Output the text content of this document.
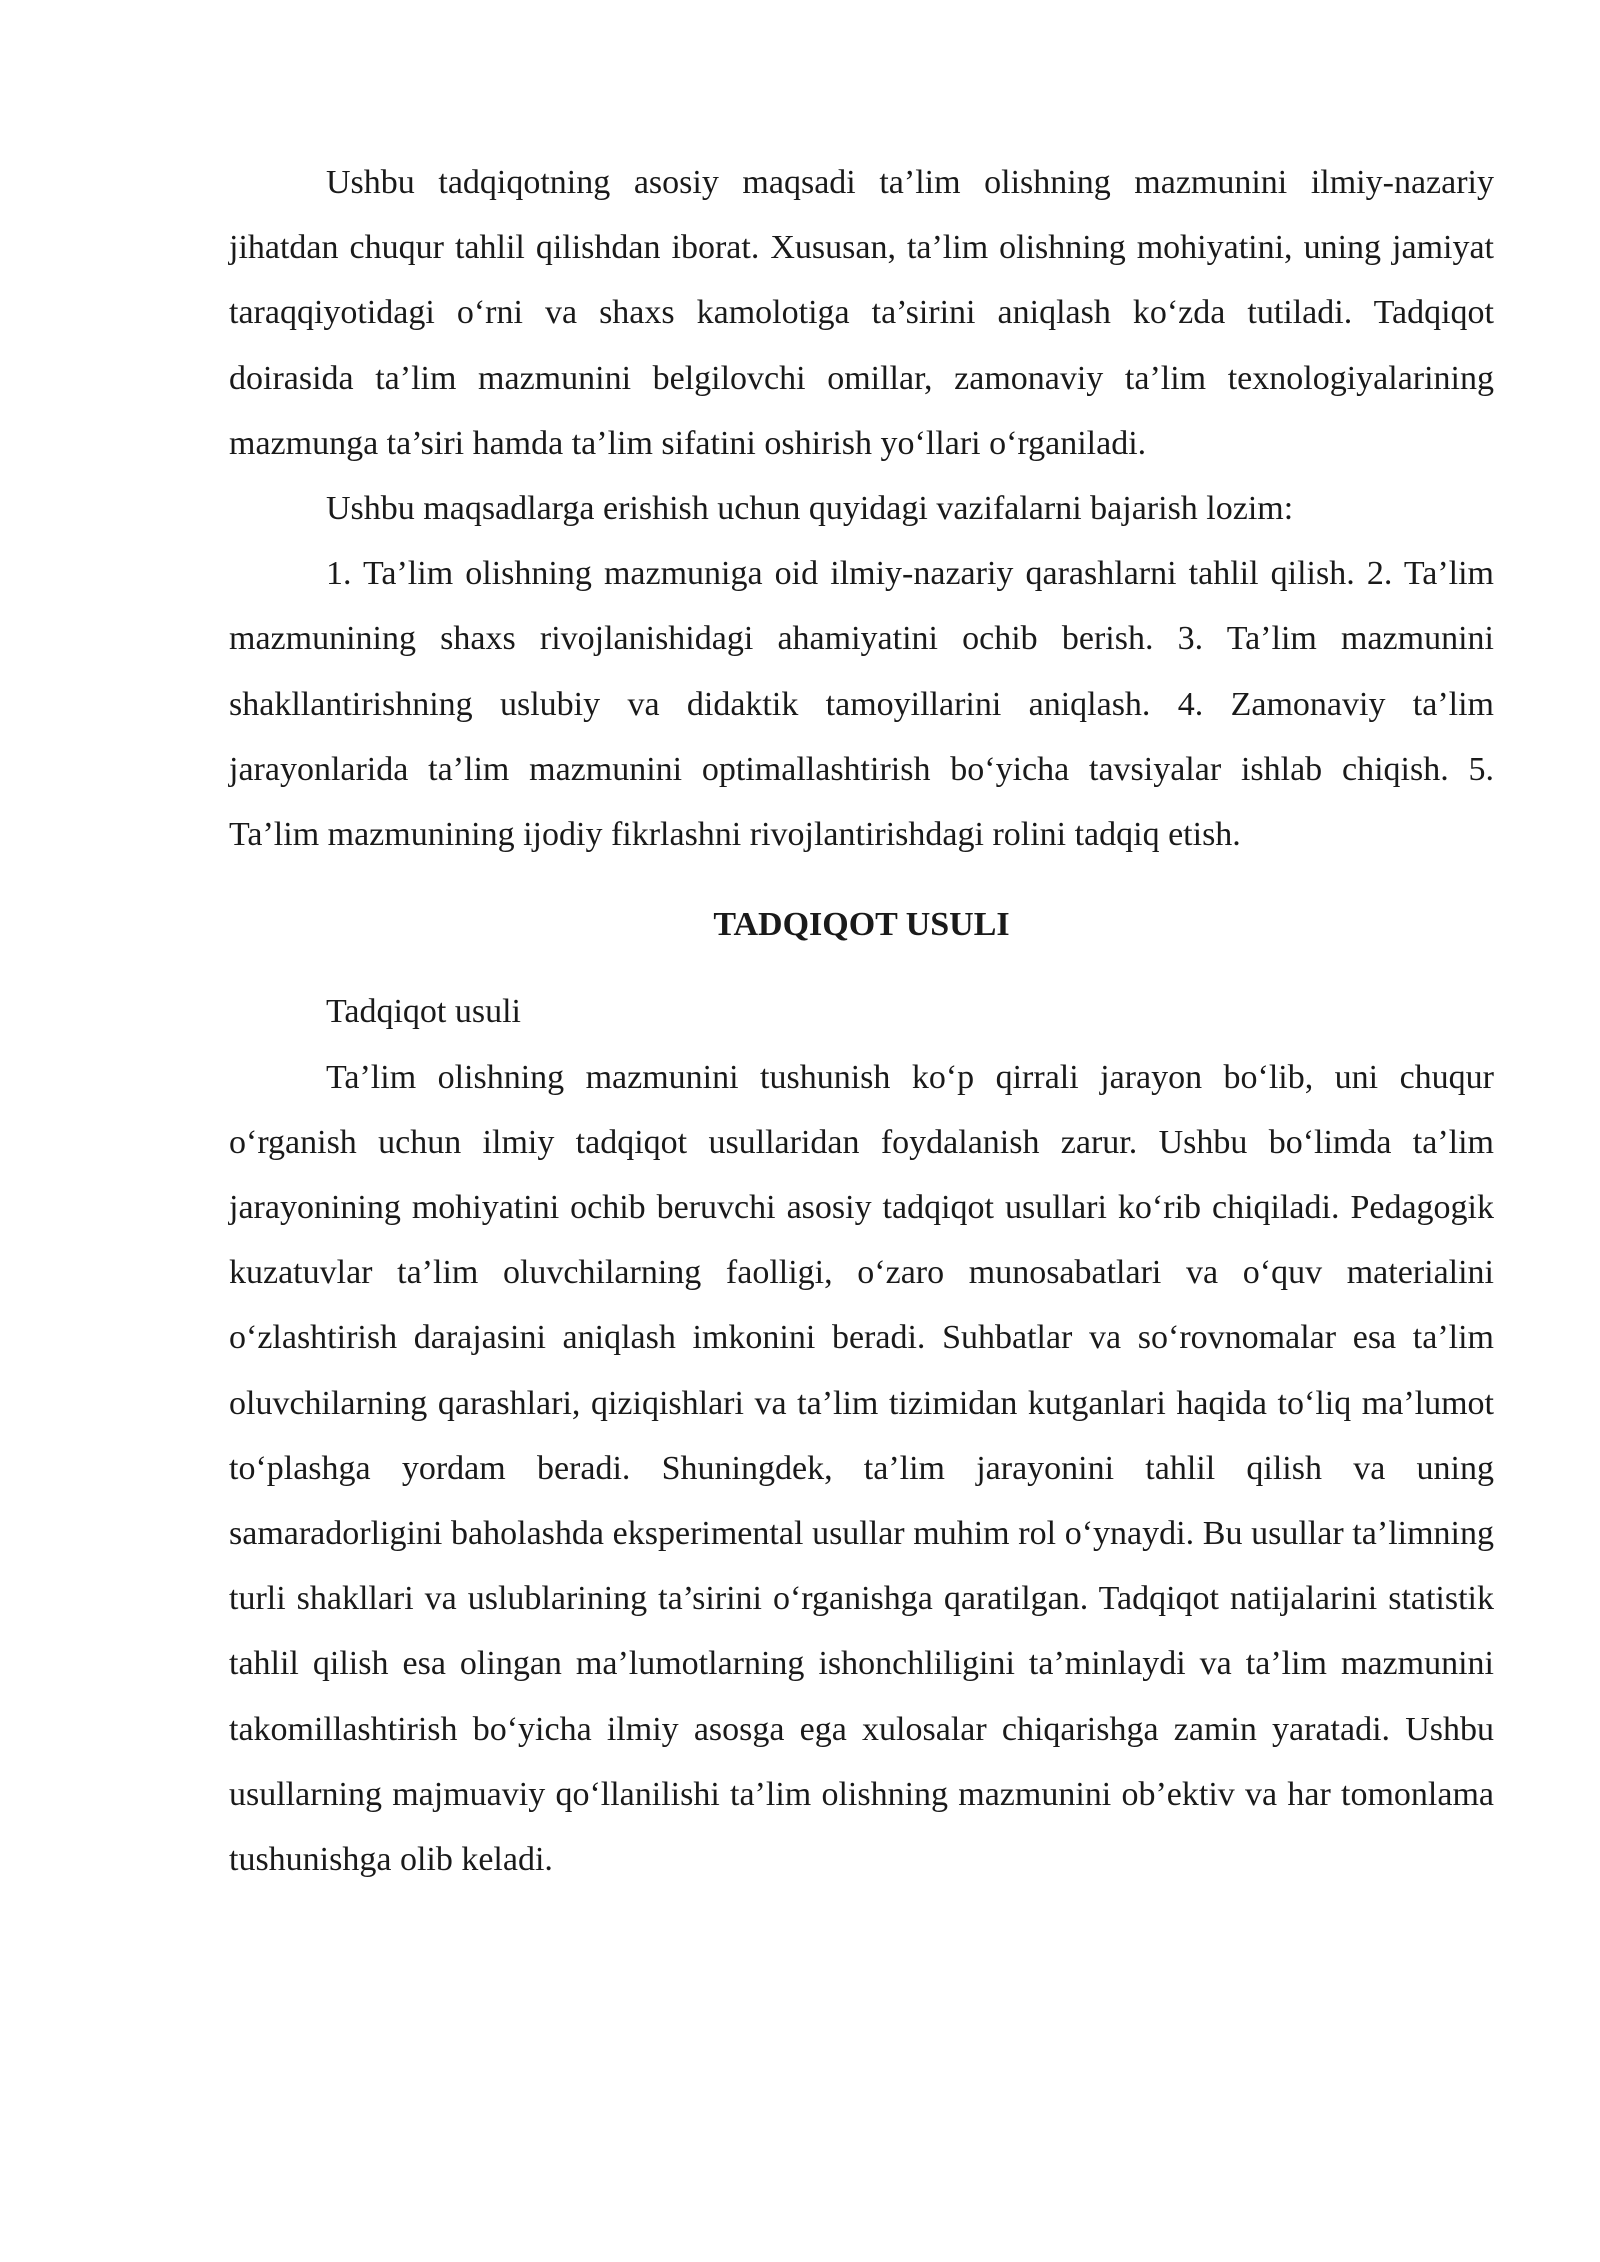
Ushbu tadqiqotning asosiy maqsadi ta’lim olishning mazmunini ilmiy-nazariy jihatdan chuqur tahlil qilishdan iborat. Xususan, ta’lim olishning mohiyatini, uning jamiyat taraqqiyotidagi o‘rni va shaxs kamolotiga ta’sirini aniqlash ko‘zda tutiladi. Tadqiqot doirasida ta’lim mazmunini belgilovchi omillar, zamonaviy ta’lim texnologiyalarining mazmunga ta’siri hamda ta’lim sifatini oshirish yo‘llari o‘rganiladi.

Ushbu maqsadlarga erishish uchun quyidagi vazifalarni bajarish lozim:

1. Ta’lim olishning mazmuniga oid ilmiy-nazariy qarashlarni tahlil qilish. 2. Ta’lim mazmunining shaxs rivojlanishidagi ahamiyatini ochib berish. 3. Ta’lim mazmunini shakllantirishning uslubiy va didaktik tamoyillarini aniqlash. 4. Zamonaviy ta’lim jarayonlarida ta’lim mazmunini optimallashtirish bo‘yicha tavsiyalar ishlab chiqish. 5. Ta’lim mazmunining ijodiy fikrlashni rivojlantirishdagi rolini tadqiq etish.

TADQIQOT USULI

Tadqiqot usuli

Ta’lim olishning mazmunini tushunish ko‘p qirrali jarayon bo‘lib, uni chuqur o‘rganish uchun ilmiy tadqiqot usullaridan foydalanish zarur. Ushbu bo‘limda ta’lim jarayonining mohiyatini ochib beruvchi asosiy tadqiqot usullari ko‘rib chiqiladi. Pedagogik kuzatuvlar ta’lim oluvchilarning faolligi, o‘zaro munosabatlari va o‘quv materialini o‘zlashtirish darajasini aniqlash imkonini beradi. Suhbatlar va so‘rovnomalar esa ta’lim oluvchilarning qarashlari, qiziqishlari va ta’lim tizimidan kutganlari haqida to‘liq ma’lumot to‘plashga yordam beradi. Shuningdek, ta’lim jarayonini tahlil qilish va uning samaradorligini baholashda eksperimental usullar muhim rol o‘ynaydi. Bu usullar ta’limning turli shakllari va uslublarining ta’sirini o‘rganishga qaratilgan. Tadqiqot natijalarini statistik tahlil qilish esa olingan ma’lumotlarning ishonchliligini ta’minlaydi va ta’lim mazmunini takomillashtirish bo‘yicha ilmiy asosga ega xulosalar chiqarishga zamin yaratadi. Ushbu usullarning majmuaviy qo‘llanilishi ta’lim olishning mazmunini ob’ektiv va har tomonlama tushunishga olib keladi.
